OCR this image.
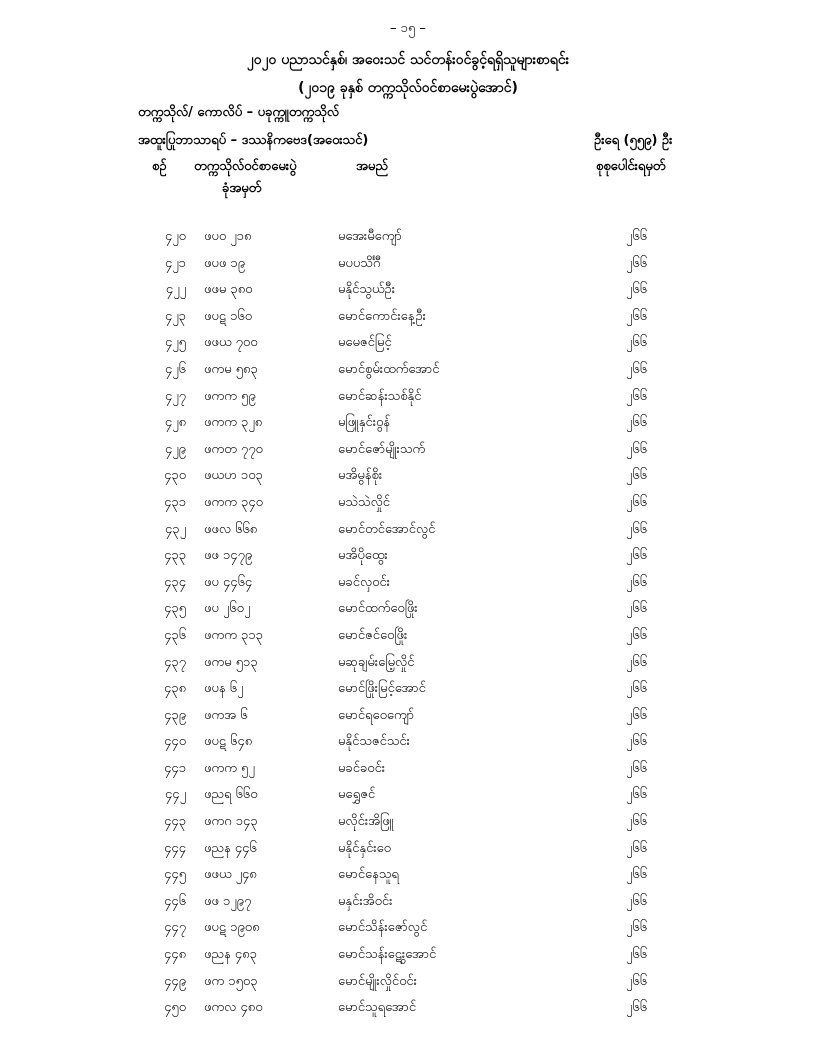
– ၁၅ –
၂၀၂၀ ပညာသင်နှစ်၊ အဝေးသင် သင်တန်းဝင်ခွင့်ရရှိသူများစာရင်း
(၂၀၁၉ ခုနှစ် တက္ကသိုလ်ဝင်စာမေးပွဲအောင်)
တက္ကသိုလ်/ ကောလိပ် – ပခုက္ကူတက္ကသိုလ်
အထူးပြုဘာသာရပ် – ဒဿနိကဗေဒ(အဝေးသင်)	ဦးရေ (၅၅၉) ဦး
စဉ် တက္ကသိုလ်ဝင်စာမေးပွဲ
ခုံအမှတ်
အမည်	စုစုပေါင်းရမှတ်
၄၂၀ ဖပဝ ၂၁၈	မအေးမီကျော်	၂၆၆
၄၂၁ ဖပဖ ၁၉	မပပသိင်္ဂီ	၂၆၆
၄၂၂ ဖဖမ ၃၈၀	မနိုင်သွယ်ဦး	၂၆၆
၄၂၃ ဖပဋ ၁၆၀	မောင်ကောင်းနေ့ဦး	၂၆၆
၄၂၅ ဖဖယ ၇၀၀	မမေဇင်မြင့်	၂၆၆
၄၂၆ ဖကမ ၅၈၃	မောင်စွမ်းထက်အောင်	၂၆၆
၄၂၇ ဖကက ၅၉	မောင်ဆန်းသစ်နိုင်	၂၆၆
၄၂၈ ဖကက ၃၂၈	မဖြူနှင်းဝွန်	၂၆၆
၄၂၉ ဖကတ ၇၇၀	မောင်ဇော်မျိုးသက်	၂၆၆
၄၃၀ ဖယဟ ၁၀၃	မအိမွန်စိုး	၂၆၆
၄၃၁ ဖကက ၃၄၀	မသဲသဲလှိုင်	၂၆၆
၄၃၂ ဖဖလ ၆၆၈	မောင်တင်အောင်လွင်	၂၆၆
၄၃၃ ဖဖ ၁၄၇၉	မအိပိုထွေး	၂၆၆
၄၃၄ ဖပ ၄၄၆၄	မခင်လှဝင်း	၂၆၆
၄၃၅ ဖပ ၂၆၀၂	မောင်ထက်ဝေဖြိုး	၂၆၆
၄၃၆ ဖကက ၃၁၃	မောင်ဇင်ဝေဖြိုး	၂၆၆
၄၃၇ ဖကမ ၅၁၃	မဆုချမ်းမြေ့လှိုင်	၂၆၆
၄၃၈ ဖပန ၆၂	မောင်ဖြိုးမြင့်အောင်	၂၆၆
၄၃၉ ဖကအ ၆	မောင်ရဝေကျော်	၂၆၆
၄၄၀ ဖပဋ ၆၄၈	မနိုင်သဇင်သင်း	၂၆၆
၄၄၁ ဖကက ၅၂	မခင်ခဝင်း	၂၆၆
၄၄၂ ဖညရ ၆၆၀	မရွှေဇင်	၂၆၆
၄၄၃ ဖကဂ ၁၄၃	မလိုင်းအိဖြူ	၂၆၆
၄၄၄ ဖညန ၄၄၆	မနိုင်နှင်းဝေ	၂၆၆
၄၄၅ ဖဖယ ၂၄၈	မောင်နေသူရ	၂၆၆
၄၄၆ ဖဖ ၁၂၉၇	မနှင်းအိဝင်း	၂၆၆
၄၄၇ ဖပဋ ၁၉၀၈	မောင်သိန်းဇော်လွင်	၂၆၆
၄၄၈ ဖညန ၄၈၃	မောင်သန်းဋွေးအောင်	၂၆၆
၄၄၉ ဖက ၁၅၀၃	မောင်မျိုးလှိုင်ဝင်း	၂၆၆
၄၅၀ ဖကလ ၄၈၀	မောင်သူရအောင်	၂၆၆
